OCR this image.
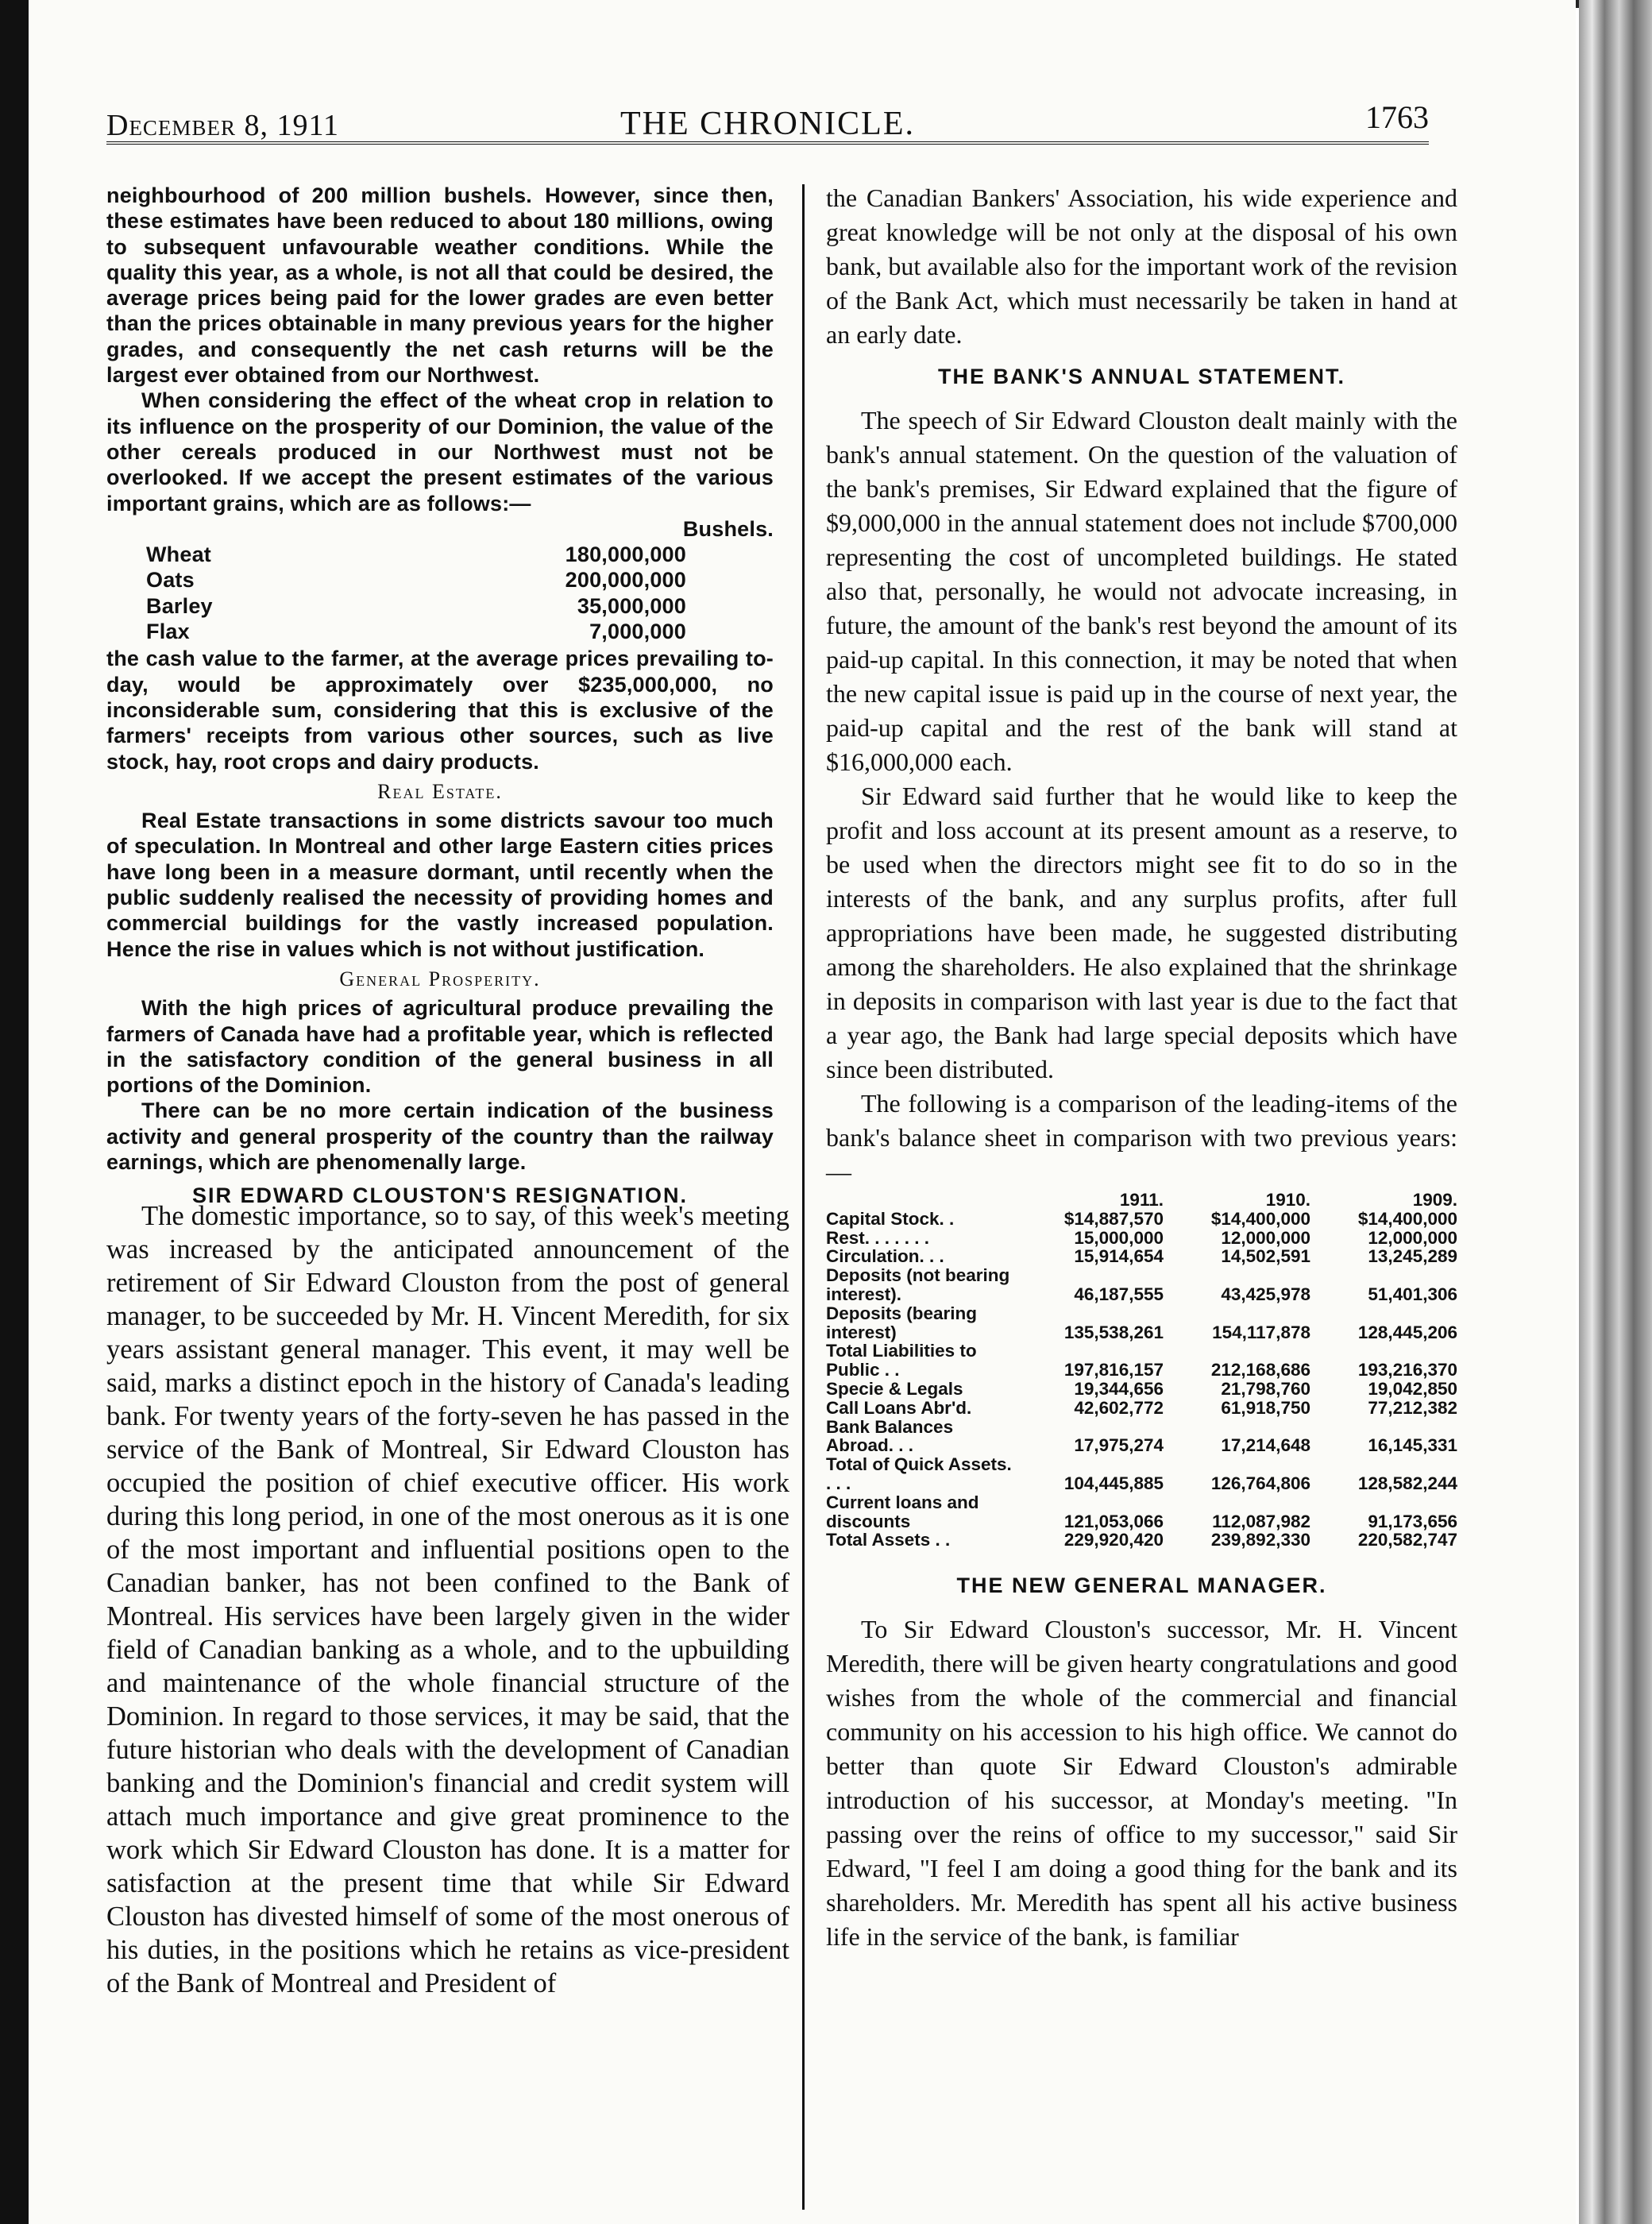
December 8, 1911	THE CHRONICLE.	1763

neighbourhood of 200 million bushels. However, since then, these estimates have been reduced to about 180 millions, owing to subsequent unfavourable weather conditions. While the quality this year, as a whole, is not all that could be desired, the average prices being paid for the lower grades are even better than the prices obtainable in many previous years for the higher grades, and consequently the net cash returns will be the largest ever obtained from our Northwest.

When considering the effect of the wheat crop in relation to its influence on the prosperity of our Dominion, the value of the other cereals produced in our Northwest must not be overlooked. If we accept the present estimates of the various important grains, which are as follows:—

	Bushels.
Wheat	180,000,000
Oats	200,000,000
Barley	35,000,000
Flax	7,000,000

the cash value to the farmer, at the average prices prevailing to-day, would be approximately over $235,000,000, no inconsiderable sum, considering that this is exclusive of the farmers' receipts from various other sources, such as live stock, hay, root crops and dairy products.

Real Estate.

Real Estate transactions in some districts savour too much of speculation. In Montreal and other large Eastern cities prices have long been in a measure dormant, until recently when the public suddenly realised the necessity of providing homes and commercial buildings for the vastly increased population. Hence the rise in values which is not without justification.

General Prosperity.

With the high prices of agricultural produce prevailing the farmers of Canada have had a profitable year, which is reflected in the satisfactory condition of the general business in all portions of the Dominion.

There can be no more certain indication of the business activity and general prosperity of the country than the railway earnings, which are phenomenally large.

SIR EDWARD CLOUSTON'S RESIGNATION.

The domestic importance, so to say, of this week's meeting was increased by the anticipated announcement of the retirement of Sir Edward Clouston from the post of general manager, to be succeeded by Mr. H. Vincent Meredith, for six years assistant general manager. This event, it may well be said, marks a distinct epoch in the history of Canada's leading bank. For twenty years of the forty-seven he has passed in the service of the Bank of Montreal, Sir Edward Clouston has occupied the position of chief executive officer. His work during this long period, in one of the most onerous as it is one of the most important and influential positions open to the Canadian banker, has not been confined to the Bank of Montreal. His services have been largely given in the wider field of Canadian banking as a whole, and to the upbuilding and maintenance of the whole financial structure of the Dominion. In regard to those services, it may be said, that the future historian who deals with the development of Canadian banking and the Dominion's financial and credit system will attach much importance and give great prominence to the work which Sir Edward Clouston has done. It is a matter for satisfaction at the present time that while Sir Edward Clouston has divested himself of some of the most onerous of his duties, in the positions which he retains as vice-president of the Bank of Montreal and President of

the Canadian Bankers' Association, his wide experience and great knowledge will be not only at the disposal of his own bank, but available also for the important work of the revision of the Bank Act, which must necessarily be taken in hand at an early date.

THE BANK'S ANNUAL STATEMENT.

The speech of Sir Edward Clouston dealt mainly with the bank's annual statement. On the question of the valuation of the bank's premises, Sir Edward explained that the figure of $9,000,000 in the annual statement does not include $700,000 representing the cost of uncompleted buildings. He stated also that, personally, he would not advocate increasing, in future, the amount of the bank's rest beyond the amount of its paid-up capital. In this connection, it may be noted that when the new capital issue is paid up in the course of next year, the paid-up capital and the rest of the bank will stand at $16,000,000 each.

Sir Edward said further that he would like to keep the profit and loss account at its present amount as a reserve, to be used when the directors might see fit to do so in the interests of the bank, and any surplus profits, after full appropriations have been made, he suggested distributing among the shareholders. He also explained that the shrinkage in deposits in comparison with last year is due to the fact that a year ago, the Bank had large special deposits which have since been distributed.

The following is a comparison of the leading-items of the bank's balance sheet in comparison with two previous years:—

	1911.	1910.	1909.
Capital Stock. .	$14,887,570	$14,400,000	$14,400,000
Rest. . . . . . .	15,000,000	12,000,000	12,000,000
Circulation. . .	15,914,654	14,502,591	13,245,289
Deposits (not bearing interest).	46,187,555	43,425,978	51,401,306
Deposits (bearing interest)	135,538,261	154,117,878	128,445,206
Total Liabilities to Public . .	197,816,157	212,168,686	193,216,370
Specie & Legals	19,344,656	21,798,760	19,042,850
Call Loans Abr'd.	42,602,772	61,918,750	77,212,382
Bank Balances Abroad. . .	17,975,274	17,214,648	16,145,331
Total of Quick Assets. . . .	104,445,885	126,764,806	128,582,244
Current loans and discounts	121,053,066	112,087,982	91,173,656
Total Assets . .	229,920,420	239,892,330	220,582,747
THE NEW GENERAL MANAGER.

To Sir Edward Clouston's successor, Mr. H. Vincent Meredith, there will be given hearty congratulations and good wishes from the whole of the commercial and financial community on his accession to his high office. We cannot do better than quote Sir Edward Clouston's admirable introduction of his successor, at Monday's meeting. "In passing over the reins of office to my successor," said Sir Edward, "I feel I am doing a good thing for the bank and its shareholders. Mr. Meredith has spent all his active business life in the service of the bank, is familiar
